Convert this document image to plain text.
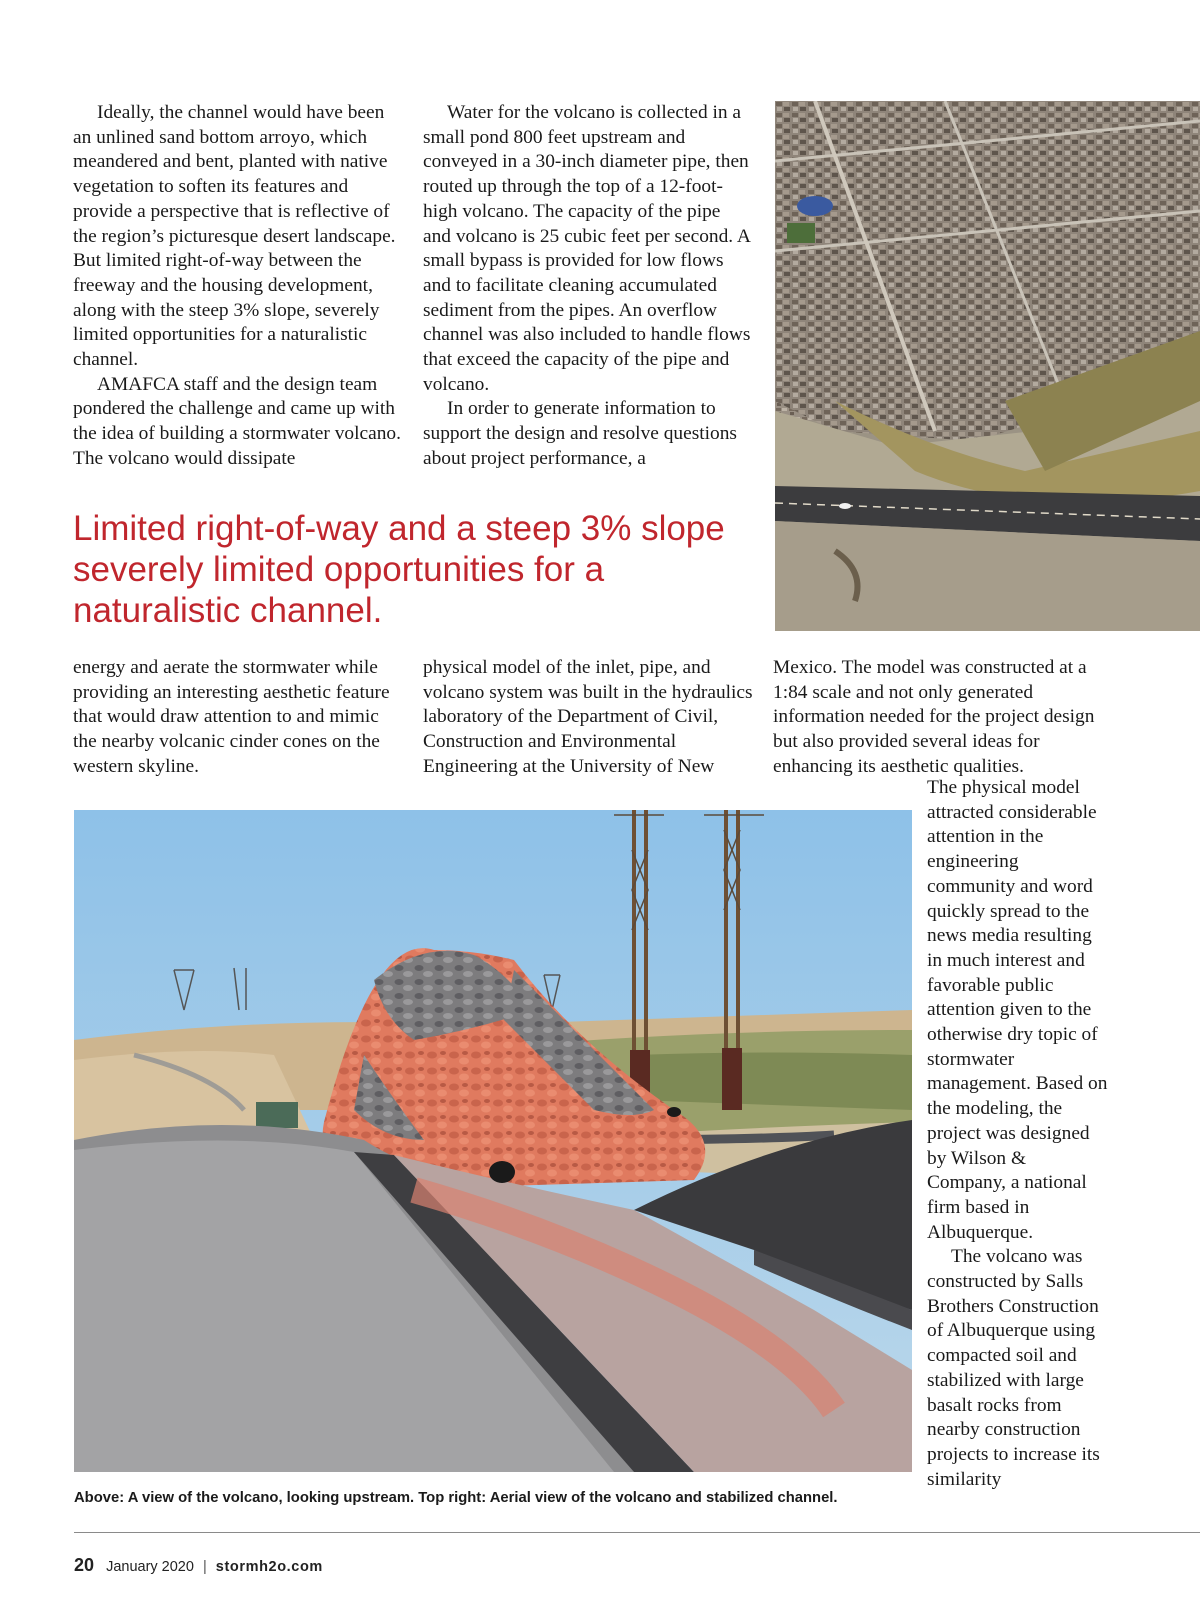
Ideally, the channel would have been an unlined sand bottom arroyo, which meandered and bent, planted with native vegetation to soften its features and provide a perspective that is reflective of the region’s picturesque desert landscape. But limited right-of-way between the freeway and the housing development, along with the steep 3% slope, severely limited opportunities for a naturalistic channel.

AMAFCA staff and the design team pondered the challenge and came up with the idea of building a stormwater volcano. The volcano would dissipate

Water for the volcano is collected in a small pond 800 feet upstream and conveyed in a 30-inch diameter pipe, then routed up through the top of a 12-foot-high volcano. The capacity of the pipe and volcano is 25 cubic feet per second. A small bypass is provided for low flows and to facilitate cleaning accumulated sediment from the pipes. An overflow channel was also included to handle flows that exceed the capacity of the pipe and volcano.

In order to generate information to support the design and resolve questions about project performance, a

Limited right-of-way and a steep 3% slope severely limited opportunities for a naturalistic channel.

energy and aerate the stormwater while providing an interesting aesthetic feature that would draw attention to and mimic the nearby volcanic cinder cones on the western skyline.

physical model of the inlet, pipe, and volcano system was built in the hydraulics laboratory of the Department of Civil, Construction and Environmental Engineering at the University of New

Mexico. The model was constructed at a 1:84 scale and not only generated information needed for the project design but also provided several ideas for enhancing its aesthetic qualities.

The physical model attracted considerable attention in the engineering community and word quickly spread to the news media resulting in much interest and favorable public attention given to the otherwise dry topic of stormwater management. Based on the modeling, the project was designed by Wilson & Company, a national firm based in Albuquerque.

The volcano was constructed by Salls Brothers Construction of Albuquerque using compacted soil and stabilized with large basalt rocks from nearby construction projects to increase its similarity

Above: A view of the volcano, looking upstream. Top right: Aerial view of the volcano and stabilized channel.
20 January 2020 | stormh2o.com
